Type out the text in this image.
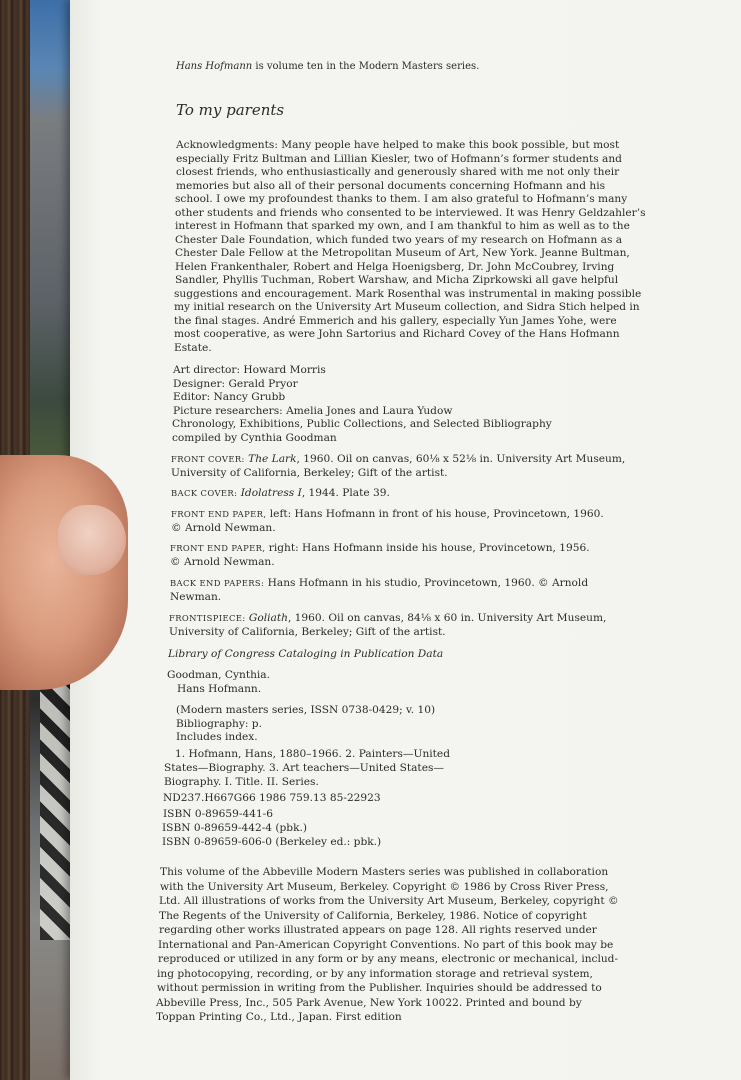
Hans Hofmann is volume ten in the Modern Masters series.

To my parents

Acknowledgments: Many people have helped to make this book possible, but most

especially Fritz Bultman and Lillian Kiesler, two of Hofmann’s former students and

closest friends, who enthusiastically and generously shared with me not only their

memories but also all of their personal documents concerning Hofmann and his

school. I owe my profoundest thanks to them. I am also grateful to Hofmann’s many

other students and friends who consented to be interviewed. It was Henry Geldzahler’s

interest in Hofmann that sparked my own, and I am thankful to him as well as to the

Chester Dale Foundation, which funded two years of my research on Hofmann as a

Chester Dale Fellow at the Metropolitan Museum of Art, New York. Jeanne Bultman,

Helen Frankenthaler, Robert and Helga Hoenigsberg, Dr. John McCoubrey, Irving

Sandler, Phyllis Tuchman, Robert Warshaw, and Micha Ziprkowski all gave helpful

suggestions and encouragement. Mark Rosenthal was instrumental in making possible

my initial research on the University Art Museum collection, and Sidra Stich helped in

the final stages. André Emmerich and his gallery, especially Yun James Yohe, were

most cooperative, as were John Sartorius and Richard Covey of the Hans Hofmann

Estate.

Art director: Howard Morris

Designer: Gerald Pryor

Editor: Nancy Grubb

Picture researchers: Amelia Jones and Laura Yudow

Chronology, Exhibitions, Public Collections, and Selected Bibliography

compiled by Cynthia Goodman

FRONT COVER: The Lark, 1960. Oil on canvas, 60⅛ x 52⅛ in. University Art Museum,

University of California, Berkeley; Gift of the artist.

BACK COVER: Idolatress I, 1944. Plate 39.

FRONT END PAPER, left: Hans Hofmann in front of his house, Provincetown, 1960.

© Arnold Newman.

FRONT END PAPER, right: Hans Hofmann inside his house, Provincetown, 1956.

© Arnold Newman.

BACK END PAPERS: Hans Hofmann in his studio, Provincetown, 1960. © Arnold

Newman.

FRONTISPIECE: Goliath, 1960. Oil on canvas, 84⅛ x 60 in. University Art Museum,

University of California, Berkeley; Gift of the artist.

Library of Congress Cataloging in Publication Data

Goodman, Cynthia.

Hans Hofmann.

(Modern masters series, ISSN 0738-0429; v. 10)

Bibliography: p.

Includes index.

1. Hofmann, Hans, 1880–1966. 2. Painters—United

States—Biography. 3. Art teachers—United States—

Biography. I. Title. II. Series.

ND237.H667G66 1986 759.13 85-22923

ISBN 0-89659-441-6

ISBN 0-89659-442-4 (pbk.)

ISBN 0-89659-606-0 (Berkeley ed.: pbk.)

This volume of the Abbeville Modern Masters series was published in collaboration

with the University Art Museum, Berkeley. Copyright © 1986 by Cross River Press,

Ltd. All illustrations of works from the University Art Museum, Berkeley, copyright ©

The Regents of the University of California, Berkeley, 1986. Notice of copyright

regarding other works illustrated appears on page 128. All rights reserved under

International and Pan-American Copyright Conventions. No part of this book may be

reproduced or utilized in any form or by any means, electronic or mechanical, includ-

ing photocopying, recording, or by any information storage and retrieval system,

without permission in writing from the Publisher. Inquiries should be addressed to

Abbeville Press, Inc., 505 Park Avenue, New York 10022. Printed and bound by

Toppan Printing Co., Ltd., Japan. First edition
